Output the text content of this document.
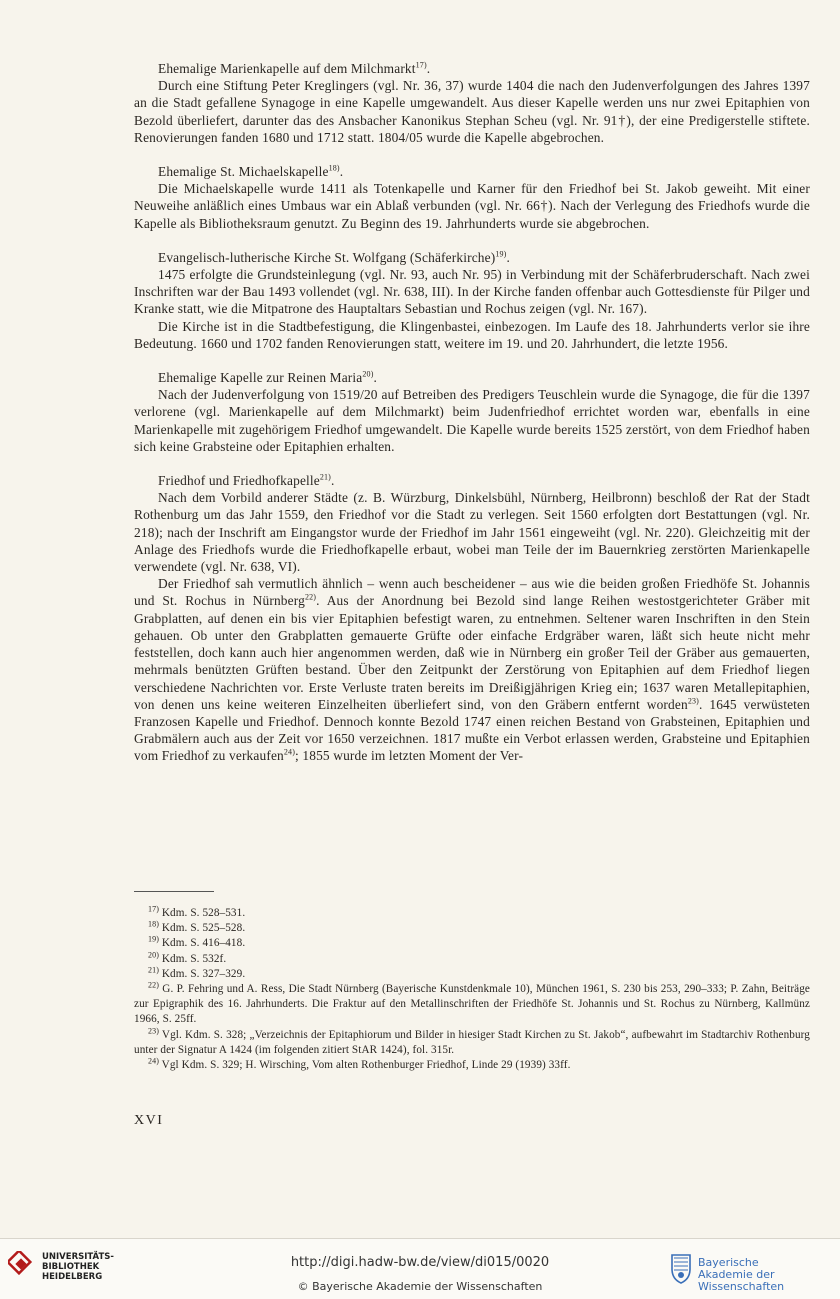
Ehemalige Marienkapelle auf dem Milchmarkt$^{17)}$.

Durch eine Stiftung Peter Kreglingers (vgl. Nr. 36, 37) wurde 1404 die nach den Judenverfolgungen des Jahres 1397 an die Stadt gefallene Synagoge in eine Kapelle umgewandelt. Aus dieser Kapelle werden uns nur zwei Epitaphien von Bezold überliefert, darunter das des Ansbacher Kanonikus Stephan Scheu (vgl. Nr. 91†), der eine Predigerstelle stiftete. Renovierungen fanden 1680 und 1712 statt. 1804/05 wurde die Kapelle abgebrochen.

Ehemalige St. Michaelskapelle$^{18)}$.

Die Michaelskapelle wurde 1411 als Totenkapelle und Karner für den Friedhof bei St. Jakob geweiht. Mit einer Neuweihe anläßlich eines Umbaus war ein Ablaß verbunden (vgl. Nr. 66†). Nach der Verlegung des Friedhofs wurde die Kapelle als Bibliotheksraum genutzt. Zu Beginn des 19. Jahrhunderts wurde sie abgebrochen.

Evangelisch-lutherische Kirche St. Wolfgang (Schäferkirche)$^{19)}$.

1475 erfolgte die Grundsteinlegung (vgl. Nr. 93, auch Nr. 95) in Verbindung mit der Schäferbruderschaft. Nach zwei Inschriften war der Bau 1493 vollendet (vgl. Nr. 638, III). In der Kirche fanden offenbar auch Gottesdienste für Pilger und Kranke statt, wie die Mitpatrone des Hauptaltars Sebastian und Rochus zeigen (vgl. Nr. 167).

Die Kirche ist in die Stadtbefestigung, die Klingenbastei, einbezogen. Im Laufe des 18. Jahrhunderts verlor sie ihre Bedeutung. 1660 und 1702 fanden Renovierungen statt, weitere im 19. und 20. Jahrhundert, die letzte 1956.

Ehemalige Kapelle zur Reinen Maria$^{20)}$.

Nach der Judenverfolgung von 1519/20 auf Betreiben des Predigers Teuschlein wurde die Synagoge, die für die 1397 verlorene (vgl. Marienkapelle auf dem Milchmarkt) beim Judenfriedhof errichtet worden war, ebenfalls in eine Marienkapelle mit zugehörigem Friedhof umgewandelt. Die Kapelle wurde bereits 1525 zerstört, von dem Friedhof haben sich keine Grabsteine oder Epitaphien erhalten.

Friedhof und Friedhofkapelle$^{21)}$.

Nach dem Vorbild anderer Städte (z. B. Würzburg, Dinkelsbühl, Nürnberg, Heilbronn) beschloß der Rat der Stadt Rothenburg um das Jahr 1559, den Friedhof vor die Stadt zu verlegen. Seit 1560 erfolgten dort Bestattungen (vgl. Nr. 218); nach der Inschrift am Eingangstor wurde der Friedhof im Jahr 1561 eingeweiht (vgl. Nr. 220). Gleichzeitig mit der Anlage des Friedhofs wurde die Friedhofkapelle erbaut, wobei man Teile der im Bauernkrieg zerstörten Marienkapelle verwendete (vgl. Nr. 638, VI).

Der Friedhof sah vermutlich ähnlich – wenn auch bescheidener – aus wie die beiden großen Friedhöfe St. Johannis und St. Rochus in Nürnberg$^{22)}$. Aus der Anordnung bei Bezold sind lange Reihen westostgerichteter Gräber mit Grabplatten, auf denen ein bis vier Epitaphien befestigt waren, zu entnehmen. Seltener waren Inschriften in den Stein gehauen. Ob unter den Grabplatten gemauerte Grüfte oder einfache Erdgräber waren, läßt sich heute nicht mehr feststellen, doch kann auch hier angenommen werden, daß wie in Nürnberg ein großer Teil der Gräber aus gemauerten, mehrmals benützten Grüften bestand. Über den Zeitpunkt der Zerstörung von Epitaphien auf dem Friedhof liegen verschiedene Nachrichten vor. Erste Verluste traten bereits im Dreißigjährigen Krieg ein; 1637 waren Metallepitaphien, von denen uns keine weiteren Einzelheiten überliefert sind, von den Gräbern entfernt worden$^{23)}$. 1645 verwüsteten Franzosen Kapelle und Friedhof. Dennoch konnte Bezold 1747 einen reichen Bestand von Grabsteinen, Epitaphien und Grabmälern auch aus der Zeit vor 1650 verzeichnen. 1817 mußte ein Verbot erlassen werden, Grabsteine und Epitaphien vom Friedhof zu verkaufen$^{24)}$; 1855 wurde im letzten Moment der Ver-

$^{17)}$ Kdm. S. 528–531.

$^{18)}$ Kdm. S. 525–528.

$^{19)}$ Kdm. S. 416–418.

$^{20)}$ Kdm. S. 532f.

$^{21)}$ Kdm. S. 327–329.

$^{22)}$ G. P. Fehring und A. Ress, Die Stadt Nürnberg (Bayerische Kunstdenkmale 10), München 1961, S. 230 bis 253, 290–333; P. Zahn, Beiträge zur Epigraphik des 16. Jahrhunderts. Die Fraktur auf den Metallinschriften der Friedhöfe St. Johannis und St. Rochus zu Nürnberg, Kallmünz 1966, S. 25ff.

$^{23)}$ Vgl. Kdm. S. 328; „Verzeichnis der Epitaphiorum und Bilder in hiesiger Stadt Kirchen zu St. Jakob“, aufbewahrt im Stadtarchiv Rothenburg unter der Signatur A 1424 (im folgenden zitiert StAR 1424), fol. 315r.

$^{24)}$ Vgl Kdm. S. 329; H. Wirsching, Vom alten Rothenburger Friedhof, Linde 29 (1939) 33ff.

XVI
UNIVERSITÄTS-
BIBLIOTHEK
HEIDELBERG
http://digi.hadw-bw.de/view/di015/0020
© Bayerische Akademie der Wissenschaften
Bayerische
Akademie der Wissenschaften
